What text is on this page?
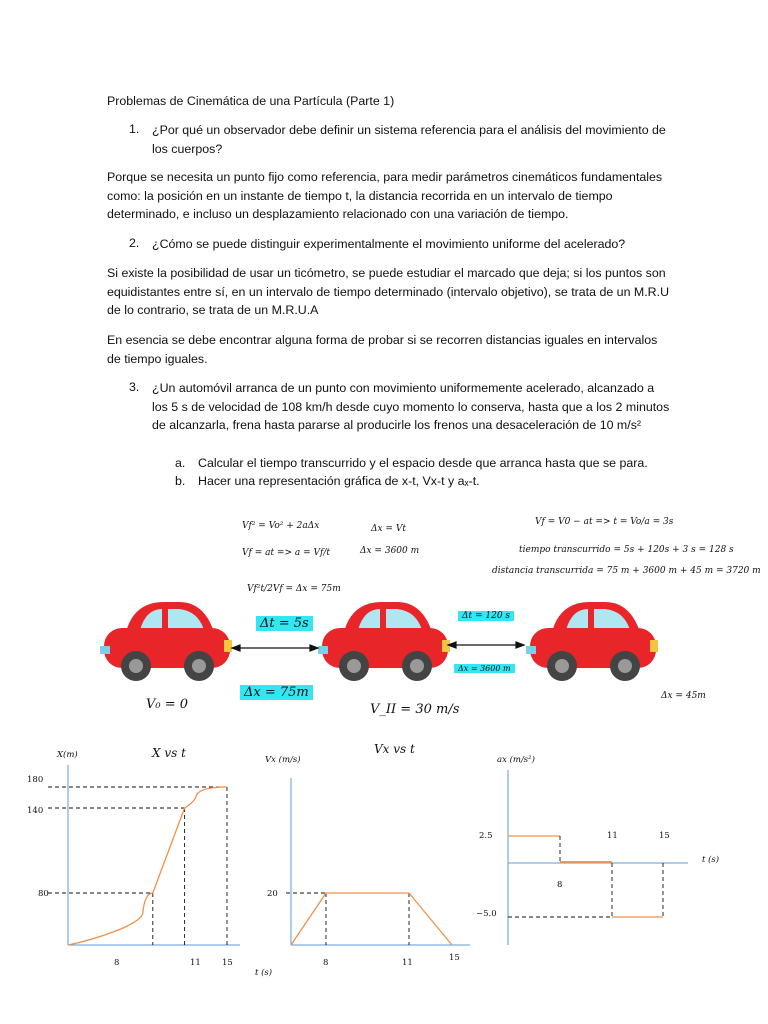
Problemas de Cinemática de una Partícula (Parte 1)
1. ¿Por qué un observador debe definir un sistema referencia para el análisis del movimiento de los cuerpos?
Porque se necesita un punto fijo como referencia, para medir parámetros cinemáticos fundamentales como: la posición en un instante de tiempo t, la distancia recorrida en un intervalo de tiempo determinado, e incluso un desplazamiento relacionado con una variación de tiempo.
2. ¿Cómo se puede distinguir experimentalmente el movimiento uniforme del acelerado?
Si existe la posibilidad de usar un ticómetro, se puede estudiar el marcado que deja; si los puntos son equidistantes entre sí, en un intervalo de tiempo determinado (intervalo objetivo), se trata de un M.R.U de lo contrario, se trata de un M.R.U.A
En esencia se debe encontrar alguna forma de probar si se recorren distancias iguales en intervalos de tiempo iguales.
3. ¿Un automóvil arranca de un punto con movimiento uniformemente acelerado, alcanzado a los 5 s de velocidad de 108 km/h desde cuyo momento lo conserva, hasta que a los 2 minutos de alcanzarla, frena hasta pararse al producirle los frenos una desaceleración de 10 m/s²
a. Calcular el tiempo transcurrido y el espacio desde que arranca hasta que se para.
b. Hacer una representación gráfica de x-t, Vx-t y aₓ-t.
Vf² = Vo² + 2aΔx
Vf = at => a = Vf/t
Vf²t/2Vf = Δx = 75m
Δx = Vt
Δx = 3600 m
Vf = V0 − at => t = Vo/a = 3s
tiempo transcurrido = 5s + 120s + 3 s = 128 s
distancia transcurrida = 75 m + 3600 m + 45 m = 3720 m
Δt = 5s
Δx = 75m
Δt = 120 s
Δx = 3600 m
Δx = 45m
V₀ = 0	V_II = 30 m/s
X vs t
X(m)
180
140
80
8	11 15
t (s)
Vx vs t
Vx (m/s)
20
8	11	15
ax (m/s²)
2.5
−5.0
8
11	15
t (s)
